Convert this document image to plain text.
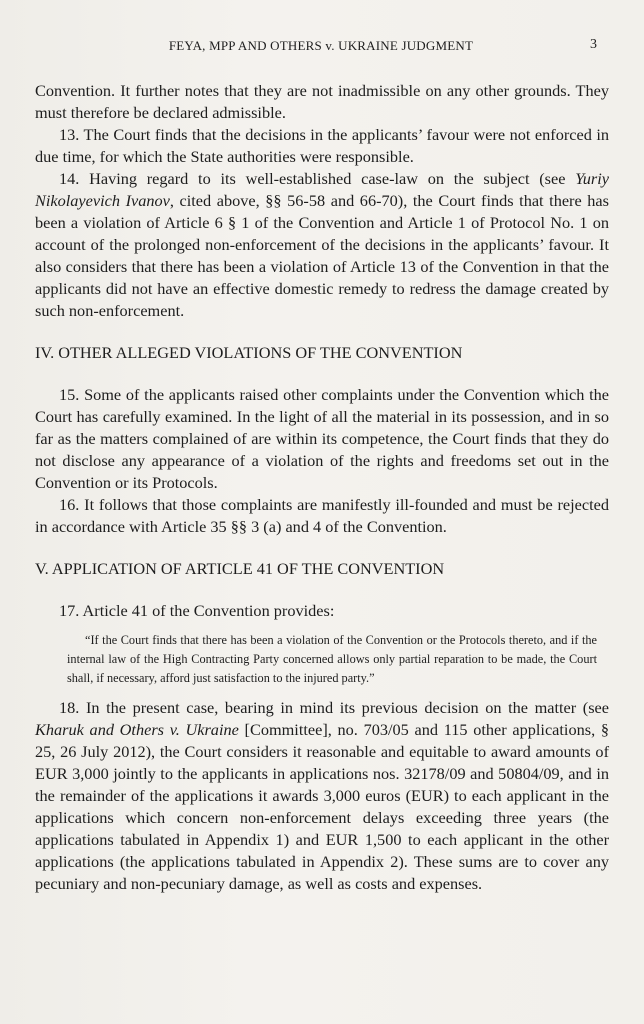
FEYA, MPP AND OTHERS v. UKRAINE JUDGMENT	3

Convention. It further notes that they are not inadmissible on any other grounds. They must therefore be declared admissible.

13. The Court finds that the decisions in the applicants’ favour were not enforced in due time, for which the State authorities were responsible.

14. Having regard to its well-established case-law on the subject (see Yuriy Nikolayevich Ivanov, cited above, §§ 56-58 and 66-70), the Court finds that there has been a violation of Article 6 § 1 of the Convention and Article 1 of Protocol No. 1 on account of the prolonged non-enforcement of the decisions in the applicants’ favour. It also considers that there has been a violation of Article 13 of the Convention in that the applicants did not have an effective domestic remedy to redress the damage created by such non-enforcement.

IV. OTHER ALLEGED VIOLATIONS OF THE CONVENTION

15. Some of the applicants raised other complaints under the Convention which the Court has carefully examined. In the light of all the material in its possession, and in so far as the matters complained of are within its competence, the Court finds that they do not disclose any appearance of a violation of the rights and freedoms set out in the Convention or its Protocols.

16. It follows that those complaints are manifestly ill-founded and must be rejected in accordance with Article 35 §§ 3 (a) and 4 of the Convention.

V. APPLICATION OF ARTICLE 41 OF THE CONVENTION

17. Article 41 of the Convention provides:

“If the Court finds that there has been a violation of the Convention or the Protocols thereto, and if the internal law of the High Contracting Party concerned allows only partial reparation to be made, the Court shall, if necessary, afford just satisfaction to the injured party.”

18. In the present case, bearing in mind its previous decision on the matter (see Kharuk and Others v. Ukraine [Committee], no. 703/05 and 115 other applications, § 25, 26 July 2012), the Court considers it reasonable and equitable to award amounts of EUR 3,000 jointly to the applicants in applications nos. 32178/09 and 50804/09, and in the remainder of the applications it awards 3,000 euros (EUR) to each applicant in the applications which concern non-enforcement delays exceeding three years (the applications tabulated in Appendix 1) and EUR 1,500 to each applicant in the other applications (the applications tabulated in Appendix 2). These sums are to cover any pecuniary and non-pecuniary damage, as well as costs and expenses.
